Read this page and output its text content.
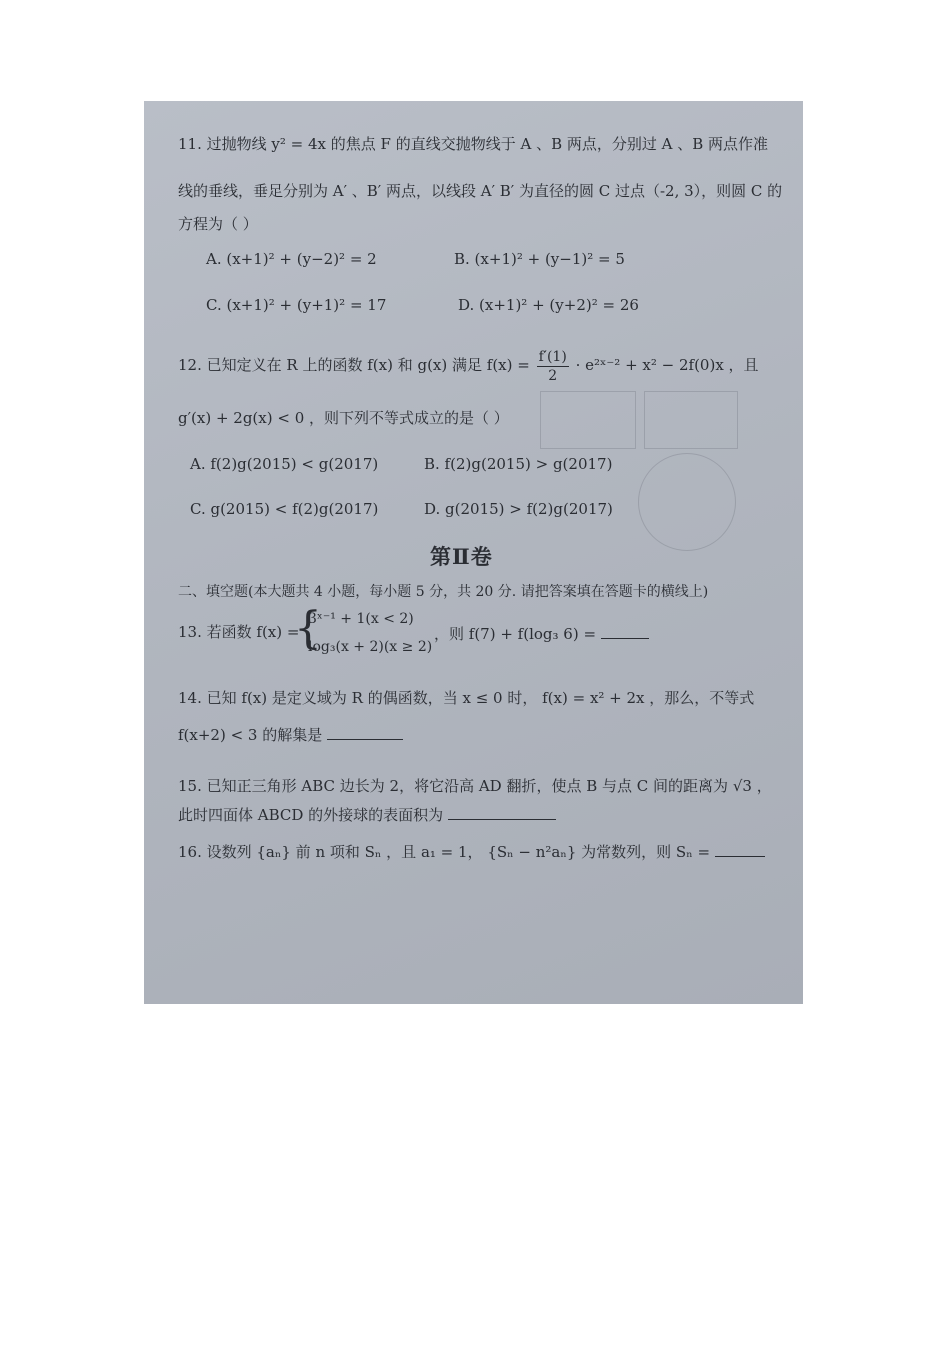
11. 过抛物线 y² = 4x 的焦点 F 的直线交抛物线于 A 、B 两点，分别过 A 、B 两点作准
线的垂线，垂足分别为 A′ 、B′ 两点，以线段 A′ B′ 为直径的圆 C 过点（-2, 3），则圆 C 的
方程为（ ）
A. (x+1)² + (y−2)² = 2	B. (x+1)² + (y−1)² = 5
C. (x+1)² + (y+1)² = 17	D. (x+1)² + (y+2)² = 26
12. 已知定义在 R 上的函数 f(x) 和 g(x) 满足 $f(x) = \frac{f'(1)}{2}$ · e²ˣ⁻² + x² − 2f(0)x ，且
g′(x) + 2g(x) < 0 ，则下列不等式成立的是（ ）
A. f(2)g(2015) < g(2017)	B. f(2)g(2015) > g(2017)
C. g(2015) < f(2)g(2017)	D. g(2015) > f(2)g(2017)
第Ⅱ卷
二、填空题(本大题共 4 小题，每小题 5 分，共 20 分. 请把答案填在答题卡的横线上)
13. 若函数 f(x) =
{
3ˣ⁻¹ + 1(x < 2)
log₃(x + 2)(x ≥ 2)
，则 f(7) + f(log₃ 6) =
14. 已知 f(x) 是定义域为 R 的偶函数，当 x ≤ 0 时， f(x) = x² + 2x ，那么，不等式
f(x+2) < 3 的解集是
15. 已知正三角形 ABC 边长为 2，将它沿高 AD 翻折，使点 B 与点 C 间的距离为 √3 ，
此时四面体 ABCD 的外接球的表面积为
16. 设数列 {aₙ} 前 n 项和 Sₙ ，且 a₁ = 1， {Sₙ − n²aₙ} 为常数列，则 Sₙ =
